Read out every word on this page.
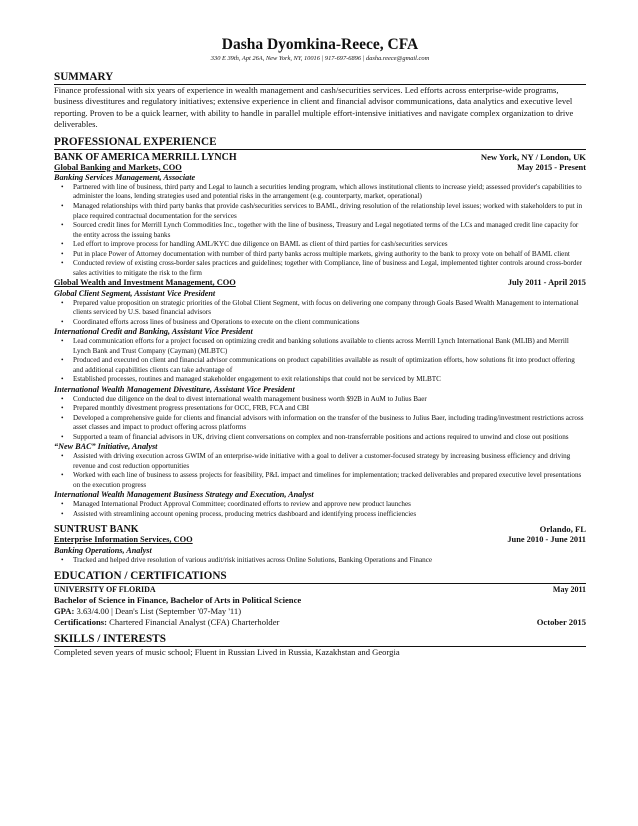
Dasha Dyomkina-Reece, CFA
330 E 39th, Apt 26A, New York, NY, 10016 | 917-697-6896 | dasha.reece@gmail.com
SUMMARY
Finance professional with six years of experience in wealth management and cash/securities services. Led efforts across enterprise-wide programs, business divestitures and regulatory initiatives; extensive experience in client and financial advisor communications, data analytics and executive level reporting. Proven to be a quick learner, with ability to handle in parallel multiple effort-intensive initiatives and navigate complex organization to drive deliverables.
PROFESSIONAL EXPERIENCE
BANK OF AMERICA MERRILL LYNCH	New York, NY / London, UK
Global Banking and Markets, COO	May 2015 - Present
Banking Services Management, Associate
• Partnered with line of business, third party and Legal to launch a securities lending program, which allows institutional clients to increase yield; assessed provider's capabilities to administer the loans, lending strategies used and potential risks in the arrangement (e.g. counterparty, market, operational)
• Managed relationships with third party banks that provide cash/securities services to BAML, driving resolution of the relationship level issues; worked with stakeholders to put in place required contractual documentation for the services
• Sourced credit lines for Merrill Lynch Commodities Inc., together with the line of business, Treasury and Legal negotiated terms of the LCs and managed credit line capacity for the entity across the issuing banks
• Led effort to improve process for handling AML/KYC due diligence on BAML as client of third parties for cash/securities services
• Put in place Power of Attorney documentation with number of third party banks across multiple markets, giving authority to the bank to proxy vote on behalf of BAML client
• Conducted review of existing cross-border sales practices and guidelines; together with Compliance, line of business and Legal, implemented tighter controls around cross-border sales activities to mitigate the risk to the firm
Global Wealth and Investment Management, COO	July 2011 - April 2015
Global Client Segment, Assistant Vice President
• Prepared value proposition on strategic priorities of the Global Client Segment, with focus on delivering one company through Goals Based Wealth Management to international clients serviced by U.S. based financial advisors
• Coordinated efforts across lines of business and Operations to execute on the client communications
International Credit and Banking, Assistant Vice President
• Lead communication efforts for a project focused on optimizing credit and banking solutions available to clients across Merrill Lynch International Bank (MLIB) and Merrill Lynch Bank and Trust Company (Cayman) (MLBTC)
• Produced and executed on client and financial advisor communications on product capabilities available as result of optimization efforts, how solutions fit into product offering and additional capabilities clients can take advantage of
• Established processes, routines and managed stakeholder engagement to exit relationships that could not be serviced by MLBTC
International Wealth Management Divestiture, Assistant Vice President
• Conducted due diligence on the deal to divest international wealth management business worth $92B in AuM to Julius Baer
• Prepared monthly divestment progress presentations for OCC, FRB, FCA and CBI
• Developed a comprehensive guide for clients and financial advisors with information on the transfer of the business to Julius Baer, including trading/investment restrictions across asset classes and impact to product offering across platforms
• Supported a team of financial advisors in UK, driving client conversations on complex and non-transferrable positions and actions required to unwind and close out positions
“New BAC” Initiative, Analyst
• Assisted with driving execution across GWIM of an enterprise-wide initiative with a goal to deliver a customer-focused strategy by increasing business efficiency and driving revenue and cost reduction opportunities
• Worked with each line of business to assess projects for feasibility, P&L impact and timelines for implementation; tracked deliverables and prepared executive level presentations on the execution progress
International Wealth Management Business Strategy and Execution, Analyst
• Managed International Product Approval Committee; coordinated efforts to review and approve new product launches
• Assisted with streamlining account opening process, producing metrics dashboard and identifying process inefficiencies
SUNTRUST BANK	Orlando, FL
Enterprise Information Services, COO	June 2010 - June 2011
Banking Operations, Analyst
• Tracked and helped drive resolution of various audit/risk initiatives across Online Solutions, Banking Operations and Finance
EDUCATION / CERTIFICATIONS
UNIVERSITY OF FLORIDA	May 2011
Bachelor of Science in Finance, Bachelor of Arts in Political Science
GPA: 3.63/4.00 | Dean's List (September '07-May '11)
Certifications: Chartered Financial Analyst (CFA) Charterholder	October 2015
SKILLS / INTERESTS
Completed seven years of music school; Fluent in Russian Lived in Russia, Kazakhstan and Georgia
